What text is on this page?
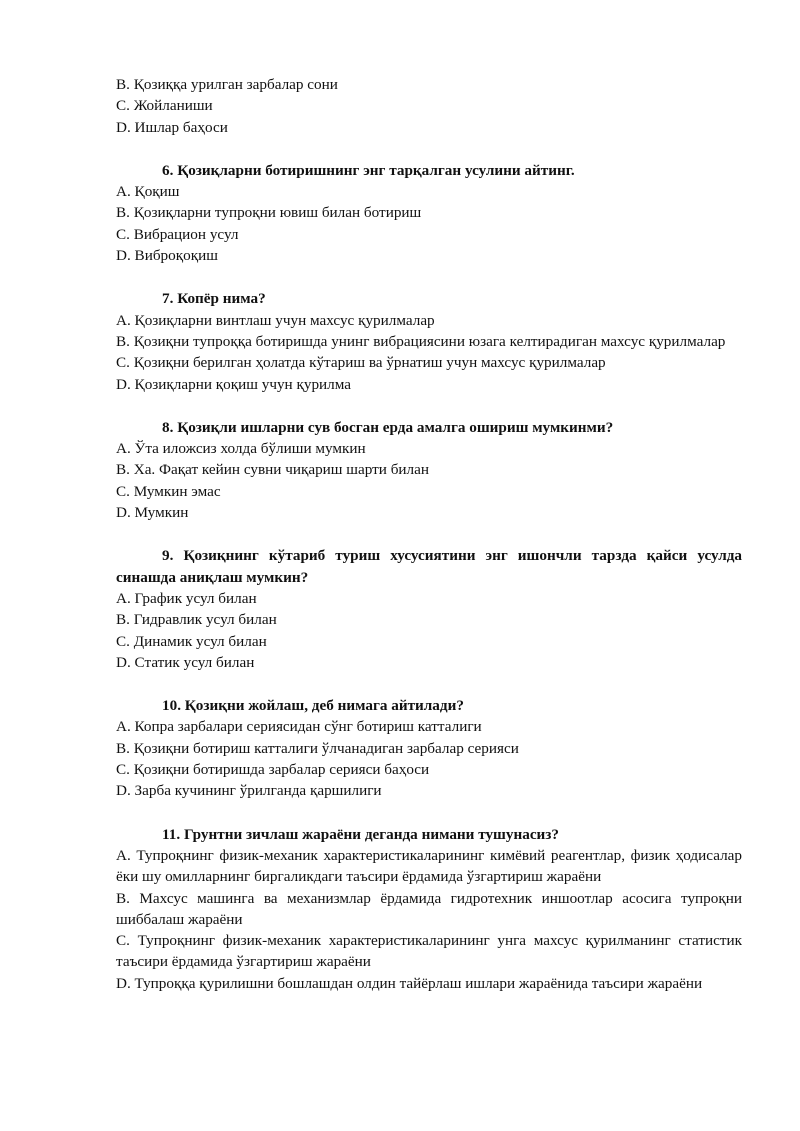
B. Қозиққа урилган зарбалар сони

C. Жойланиши

D. Ишлар баҳоси

6. Қозиқларни ботиришнинг энг тарқалган усулини айтинг.

A. Қоқиш

B. Қозиқларни тупроқни ювиш билан ботириш

C. Вибрацион усул

D. Виброқоқиш

7. Копёр нима?

A. Қозиқларни винтлаш учун махсус қурилмалар

B. Қозиқни тупроққа ботиришда унинг вибрациясини юзага келтирадиган махсус қурилмалар

C. Қозиқни берилган ҳолатда кўтариш ва ўрнатиш учун махсус қурилмалар

D. Қозиқларни қоқиш учун қурилма

8. Қозиқли ишларни сув босган ерда амалга ошириш мумкинми?

A. Ўта иложсиз холда бўлиши мумкин

B. Ха. Фақат кейин сувни чиқариш шарти билан

C. Мумкин эмас

D. Мумкин

9. Қозиқнинг кўтариб туриш хусусиятини энг ишончли тарзда қайси усулда синашда аниқлаш мумкин?

A. График усул билан

B. Гидравлик усул билан

C. Динамик усул билан

D. Статик усул билан

10. Қозиқни жойлаш, деб нимага айтилади?

A. Копра зарбалари сериясидан сўнг ботириш катталиги

B. Қозиқни ботириш катталиги ўлчанадиган зарбалар серияси

C. Қозиқни ботиришда зарбалар серияси баҳоси

D. Зарба кучининг ўрилганда қаршилиги

11. Грунтни зичлаш жараёни деганда нимани тушунасиз?

A. Тупроқнинг физик-механик характеристикаларининг кимёвий реагентлар, физик ҳодисалар ёки шу омилларнинг биргаликдаги таъсири ёрдамида ўзгартириш жараёни

B. Махсус машинга ва механизмлар ёрдамида гидротехник иншоотлар асосига тупроқни шиббалаш жараёни

C. Тупроқнинг физик-механик характеристикаларининг унга махсус қурилманинг статистик таъсири ёрдамида ўзгартириш жараёни

D. Тупроққа қурилишни бошлашдан олдин тайёрлаш ишлари жараёнида таъсири жараёни
